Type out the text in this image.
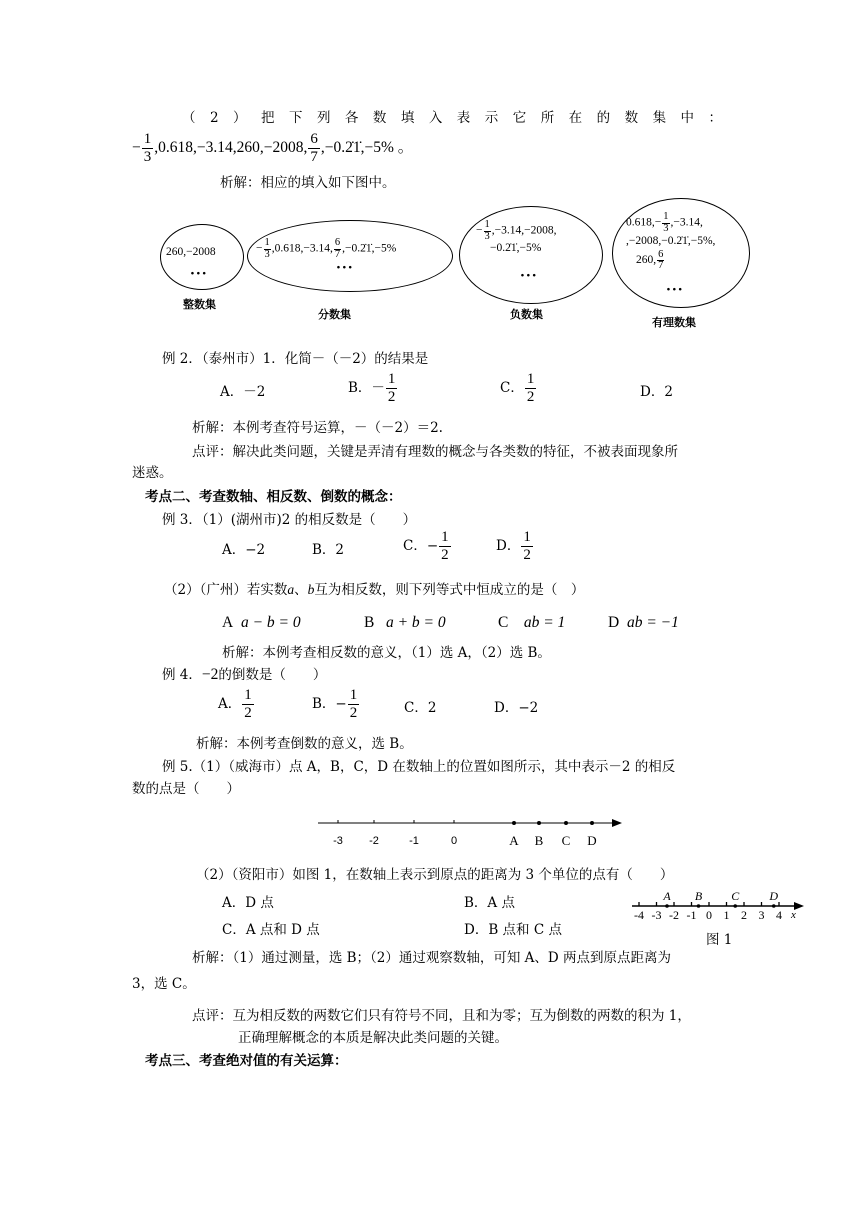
（ 2 ） 把 下 列 各 数 填 入 表 示 它 所 在 的 数 集 中 ：
− $\frac{1}{3} ,0.618,-3.14,260,-2008$, $\frac{6}{7}$ ,−0.2̇1̇,−5% 。
析解：相应的填入如下图中。
260,−2008
···
整数集
− $\frac{1}{3} ,0.618,-3.14$, $\frac{6}{7}$ ,−0.2̇1̇,−5%
···
分数集
− $\frac{1}{3} ,-3.14,-2008$,
−0.2̇1̇,−5%
···
负数集
$0.618,- \frac{1}{3} ,-3.14$,
,−2008,−0.2̇1̇,−5%,
260, $\frac{6}{7}$
···
有理数集
例 2．（泰州市）1．化简－（－2）的结果是
A．－2	B．－ $\frac{1}{2}$	C． $\frac{1}{2}$	D．2
析解：本例考查符号运算，－（－2）＝2.
点评：解决此类问题，关键是弄清有理数的概念与各类数的特征，不被表面现象所
迷惑。
考点二、考查数轴、相反数、倒数的概念：
例 3．（1）(湖州市)2 的相反数是（　　）
A．−2	B．2	C．− $\frac{1}{2}$	D． $\frac{1}{2}$
（2）（广州）若实数a、b互为相反数，则下列等式中恒成立的是（　）
A a − b = 0	B a + b = 0	C ab = 1	D ab = −1
析解：本例考查相反数的意义，（1）选 A，（2）选 B。
例 4．−2的倒数是（　　）
A． $\frac{1}{2}$	B．− $\frac{1}{2}$	C．2	D．−2
析解：本例考查倒数的意义，选 B。
例 5.（1）（威海市）点 A，B，C，D 在数轴上的位置如图所示，其中表示－2 的相反
数的点是（　　）
-3 -2	-1	0	A B C D
（2）（资阳市）如图 1，在数轴上表示到原点的距离为 3 个单位的点有（　　）
A．D 点	B．A 点
C．A 点和 D 点	D．B 点和 C 点
-4 -3 -2 -1 0 1 2 3 4
A B C	D
x
图 1
析解：（1）通过测量，选 B；（2）通过观察数轴，可知 A、D 两点到原点距离为
3，选 C。
点评：互为相反数的两数它们只有符号不同，且和为零；互为倒数的两数的积为 1，
正确理解概念的本质是解决此类问题的关键。
考点三、考查绝对值的有关运算：
